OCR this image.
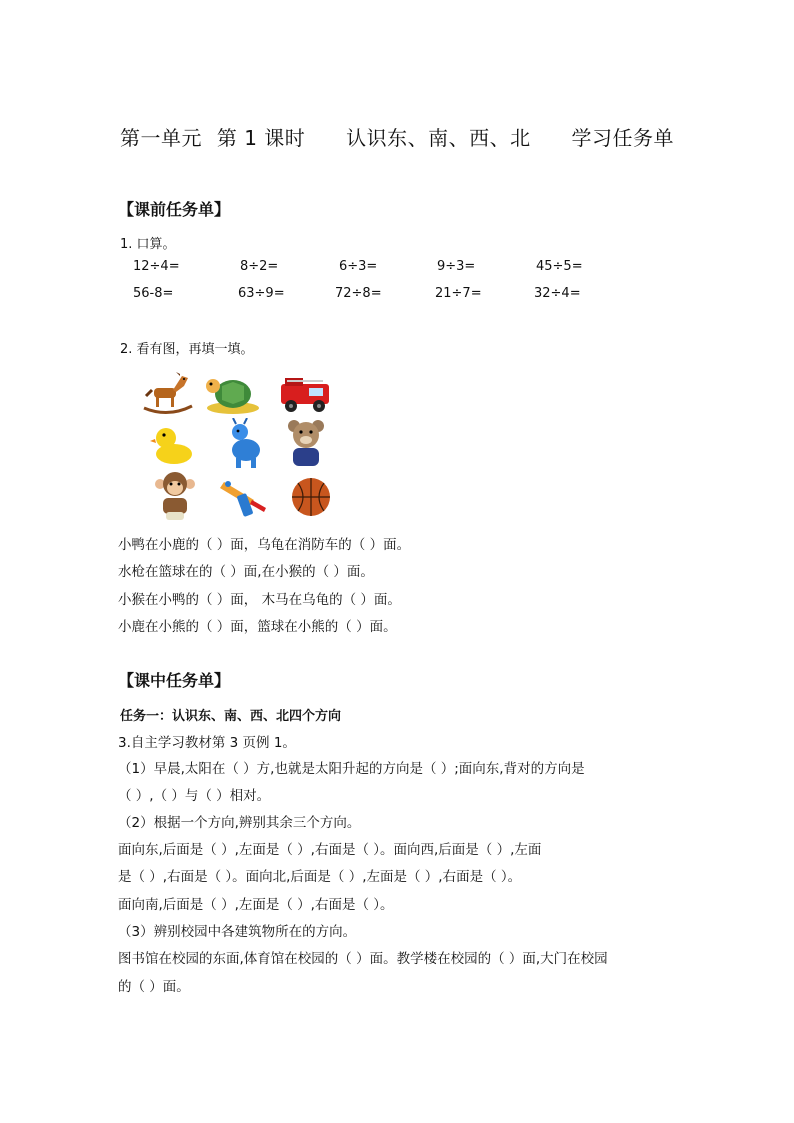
第一单元 第 1 课时 认识东、南、西、北 学习任务单
【课前任务单】
1. 口算。
12÷4=	8÷2=	6÷3=	9÷3=	45÷5=
56-8=	63÷9=	72÷8=	21÷7=	32÷4=
2. 看有图，再填一填。
小鸭在小鹿的（ ）面，乌龟在消防车的（ ）面。
水枪在篮球在的（ ）面,在小猴的（ ）面。
小猴在小鸭的（ ）面， 木马在乌龟的（ ）面。
小鹿在小熊的（ ）面，篮球在小熊的（ ）面。
【课中任务单】
任务一：认识东、南、西、北四个方向
3.自主学习教材第 3 页例 1。
（1）早晨,太阳在（ ）方,也就是太阳升起的方向是（ ）;面向东,背对的方向是
（ ）,（ ）与（ ）相对。
（2）根据一个方向,辨别其余三个方向。
面向东,后面是（ ）,左面是（ ）,右面是（ ）。面向西,后面是（ ）,左面
是（ ）,右面是（ ）。面向北,后面是（ ）,左面是（ ）,右面是（ ）。
面向南,后面是（ ）,左面是（ ）,右面是（ ）。
（3）辨别校园中各建筑物所在的方向。
图书馆在校园的东面,体育馆在校园的（ ）面。教学楼在校园的（ ）面,大门在校园
的（ ）面。
